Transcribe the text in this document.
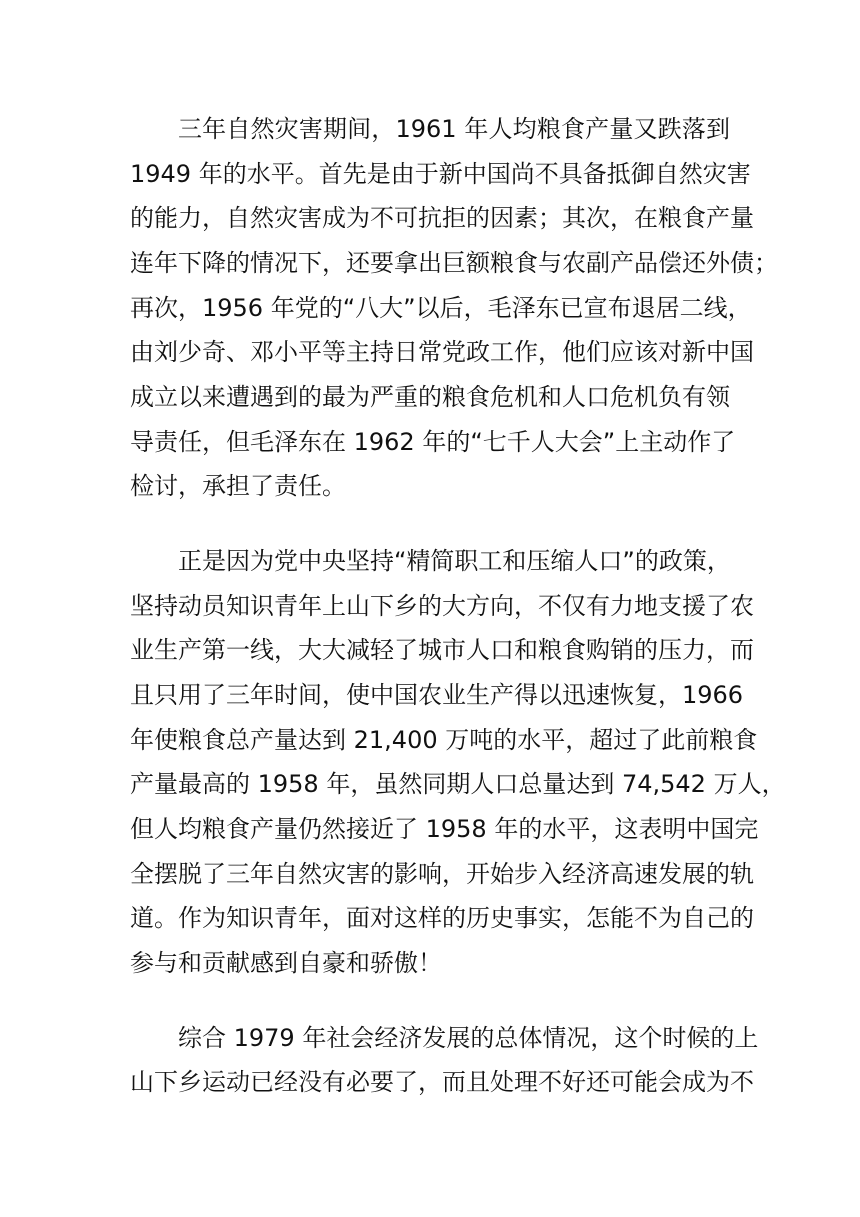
三年自然灾害期间，1961 年人均粮食产量又跌落到
1949 年的水平。首先是由于新中国尚不具备抵御自然灾害
的能力，自然灾害成为不可抗拒的因素；其次，在粮食产量
连年下降的情况下，还要拿出巨额粮食与农副产品偿还外债；
再次，1956 年党的“八大”以后，毛泽东已宣布退居二线，
由刘少奇、邓小平等主持日常党政工作，他们应该对新中国
成立以来遭遇到的最为严重的粮食危机和人口危机负有领
导责任，但毛泽东在 1962 年的“七千人大会”上主动作了
检讨，承担了责任。
正是因为党中央坚持“精简职工和压缩人口”的政策，
坚持动员知识青年上山下乡的大方向，不仅有力地支援了农
业生产第一线，大大减轻了城市人口和粮食购销的压力，而
且只用了三年时间，使中国农业生产得以迅速恢复，1966
年使粮食总产量达到 21,400 万吨的水平，超过了此前粮食
产量最高的 1958 年，虽然同期人口总量达到 74,542 万人，
但人均粮食产量仍然接近了 1958 年的水平，这表明中国完
全摆脱了三年自然灾害的影响，开始步入经济高速发展的轨
道。作为知识青年，面对这样的历史事实，怎能不为自己的
参与和贡献感到自豪和骄傲！
综合 1979 年社会经济发展的总体情况，这个时候的上
山下乡运动已经没有必要了，而且处理不好还可能会成为不
